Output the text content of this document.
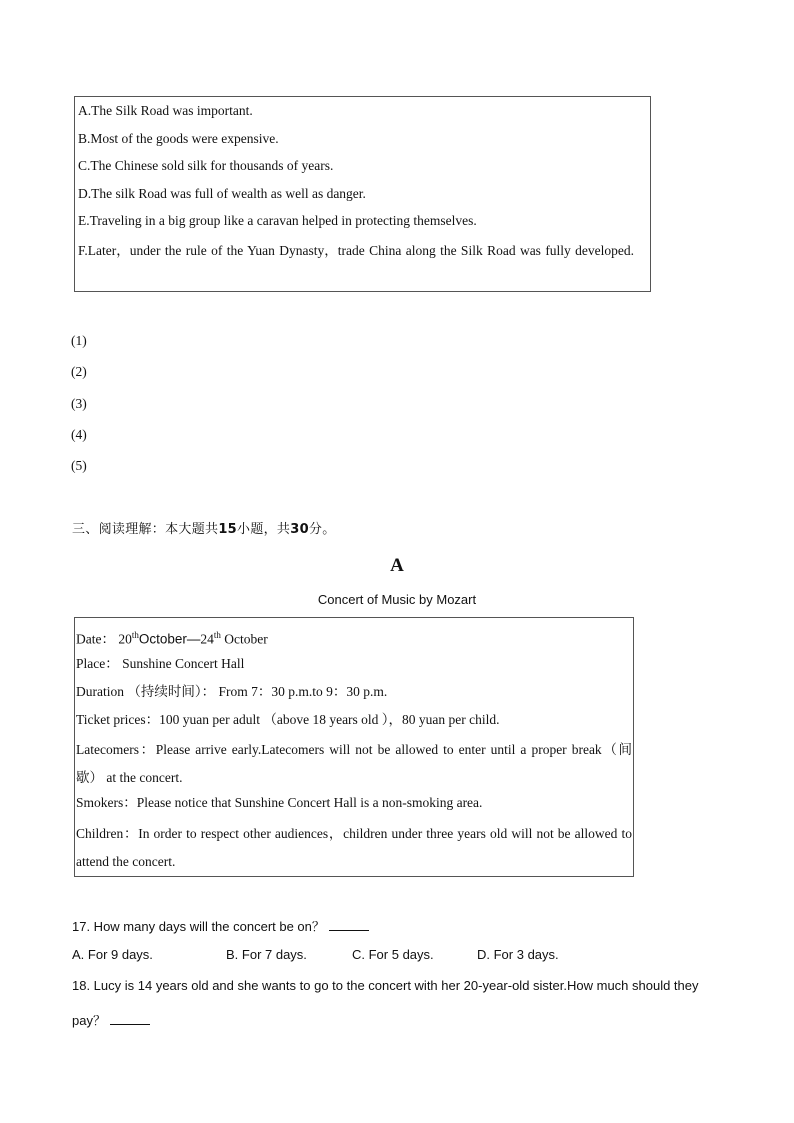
A.The Silk Road was important.
B.Most of the goods were expensive.
C.The Chinese sold silk for thousands of years.
D.The silk Road was full of wealth as well as danger.
E.Traveling in a big group like a caravan helped in protecting themselves.
F.Later，under the rule of the Yuan Dynasty，trade China along the Silk Road was fully developed.
(1)
(2)
(3)
(4)
(5)
三、阅读理解：本大题共15小题，共30分。
A
Concert of Music by Mozart
Date： 20thOctober—24th October
Place： Sunshine Concert Hall
Duration （持续时间）： From 7：30 p.m.to 9：30 p.m.
Ticket prices：100 yuan per adult （above 18 years old ），80 yuan per child.
Latecomers：Please arrive early.Latecomers will not be allowed to enter until a proper break（间歇） at the concert.
Smokers：Please notice that Sunshine Concert Hall is a non-smoking area.
Children：In order to respect other audiences，children under three years old will not be allowed to attend the concert.
17. How many days will the concert be on？
A. For 9 days.	B. For 7 days.	C. For 5 days.	D. For 3 days.
18. Lucy is 14 years old and she wants to go to the concert with her 20-year-old sister.How much should they
pay？
